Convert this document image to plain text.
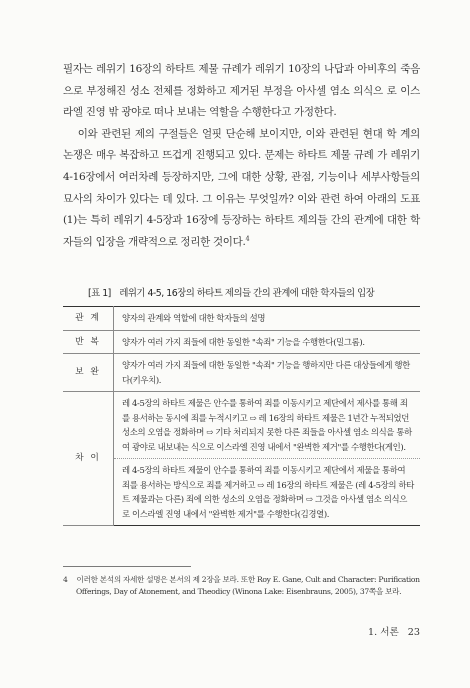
필자는 레위기 16장의 하타트 제물 규례가 레위기 10장의 나답과 아비후의 죽음으로 부정해진 성소 전체를 정화하고 제거된 부정을 아사셀 염소 의식으 로 이스라엘 진영 밖 광야로 떠나 보내는 역할을 수행한다고 가정한다.

이와 관련된 제의 구절들은 얼핏 단순해 보이지만, 이와 관련된 현대 학 계의 논쟁은 매우 복잡하고 뜨겁게 진행되고 있다. 문제는 하타트 제물 규례 가 레위기 4-16장에서 여러차례 등장하지만, 그에 대한 상황, 관점, 기능이나 세부사항들의 묘사의 차이가 있다는 데 있다. 그 이유는 무엇일까? 이와 관련 하여 아래의 도표(1)는 특히 레위기 4-5장과 16장에 등장하는 하타트 제의들 간의 관계에 대한 학자들의 입장을 개략적으로 정리한 것이다.$^4$

[표 1] 레위기 4-5, 16장의 하타트 제의들 간의 관계에 대한 학자들의 입장
관 계	양자의 관계와 역할에 대한 학자들의 설명
반 복	양자가 여러 가지 죄들에 대한 동일한 "속죄" 기능을 수행한다(밀그롬).
보 완	양자가 여러 가지 죄들에 대한 동일한 "속죄" 기능을 행하지만 다른 대상들에게 행한다(키우치).
차 이	레 4-5장의 하타트 제물은 안수를 통하여 죄를 이동시키고 제단에서 제사를 통해 죄를 용서하는 동시에 죄를 누적시키고 ⇨ 레 16장의 하타트 제물은 1년간 누적되었던 성소의 오염을 정화하며 ⇨ 기타 처리되지 못한 다른 죄들을 아사셀 염소 의식을 통하여 광야로 내보내는 식으로 이스라엘 진영 내에서 "완벽한 제거"를 수행한다(게인).
	레 4-5장의 하타트 제물이 안수를 통하여 죄를 이동시키고 제단에서 제물을 통하여 죄를 용서하는 방식으로 죄를 제거하고 ⇨ 레 16장의 하타트 제물은 (레 4-5장의 하타트 제물과는 다른) 죄에 의한 성소의 오염을 정화하며 ⇨ 그것을 아사셀 염소 의식으로 이스라엘 진영 내에서 "완벽한 제거"를 수행한다(김경열).
4 이러한 본석의 자세한 설명은 본서의 제 2장을 보라. 또한 Roy E. Gane, Cult and Character: Purification
Offerings, Day of Atonement, and Theodicy (Winona Lake: Eisenbrauns, 2005), 37쪽을 보라.
1. 서론 23
